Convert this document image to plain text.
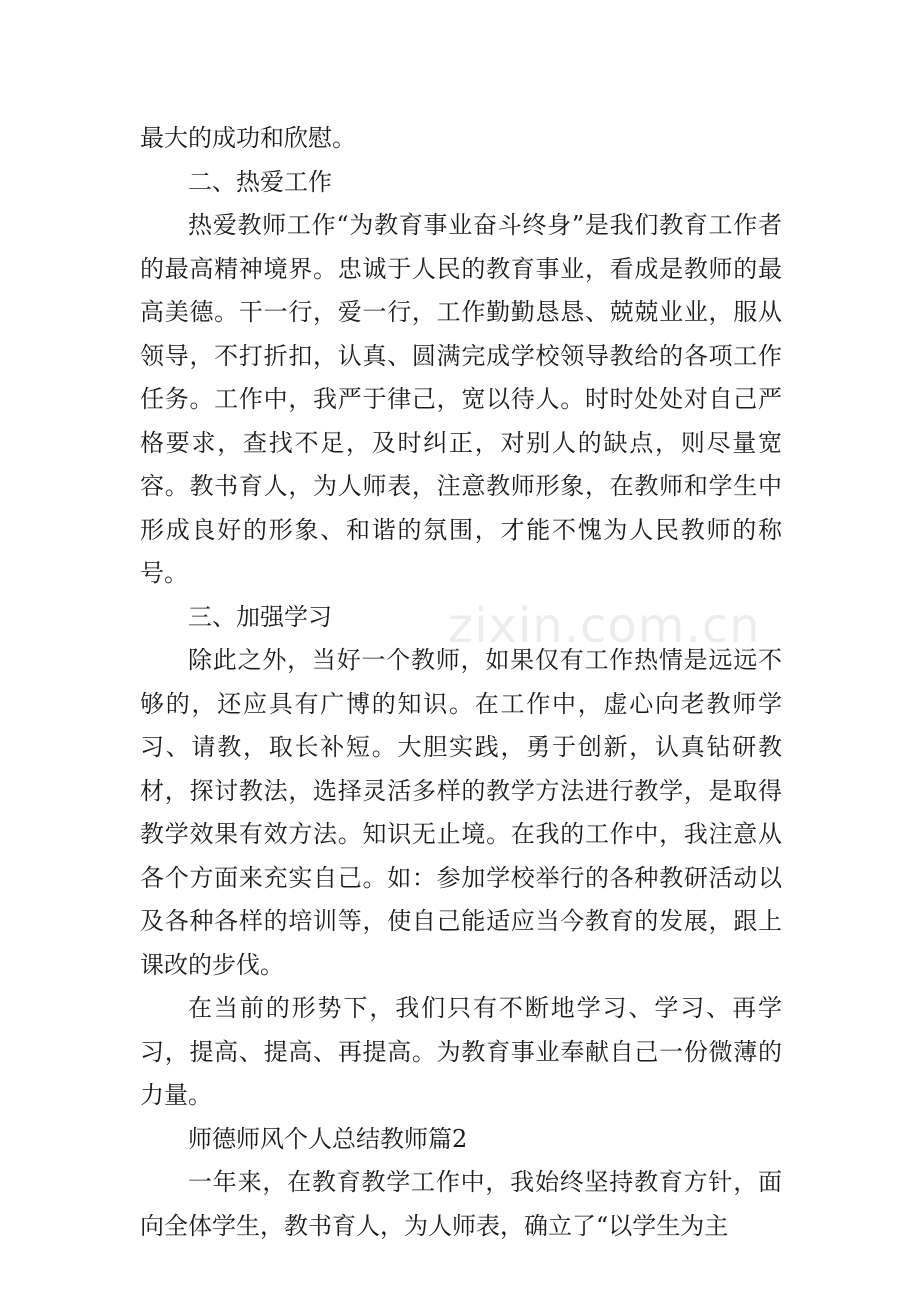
最大的成功和欣慰。

二、热爱工作

热爱教师工作“为教育事业奋斗终身”是我们教育工作者的最高精神境界。忠诚于人民的教育事业，看成是教师的最高美德。干一行，爱一行，工作勤勤恳恳、兢兢业业，服从领导，不打折扣，认真、圆满完成学校领导教给的各项工作任务。工作中，我严于律己，宽以待人。时时处处对自己严格要求，查找不足，及时纠正，对别人的缺点，则尽量宽容。教书育人，为人师表，注意教师形象，在教师和学生中形成良好的形象、和谐的氛围，才能不愧为人民教师的称号。

三、加强学习

除此之外，当好一个教师，如果仅有工作热情是远远不够的，还应具有广博的知识。在工作中，虚心向老教师学习、请教，取长补短。大胆实践，勇于创新，认真钻研教材，探讨教法，选择灵活多样的教学方法进行教学，是取得教学效果有效方法。知识无止境。在我的工作中，我注意从各个方面来充实自己。如：参加学校举行的各种教研活动以及各种各样的培训等，使自己能适应当今教育的发展，跟上课改的步伐。

在当前的形势下，我们只有不断地学习、学习、再学习，提高、提高、再提高。为教育事业奉献自己一份微薄的力量。

师德师风个人总结教师篇2

一年来，在教育教学工作中，我始终坚持教育方针，面向全体学生，教书育人，为人师表，确立了“以学生为主

zixin.com.cn
